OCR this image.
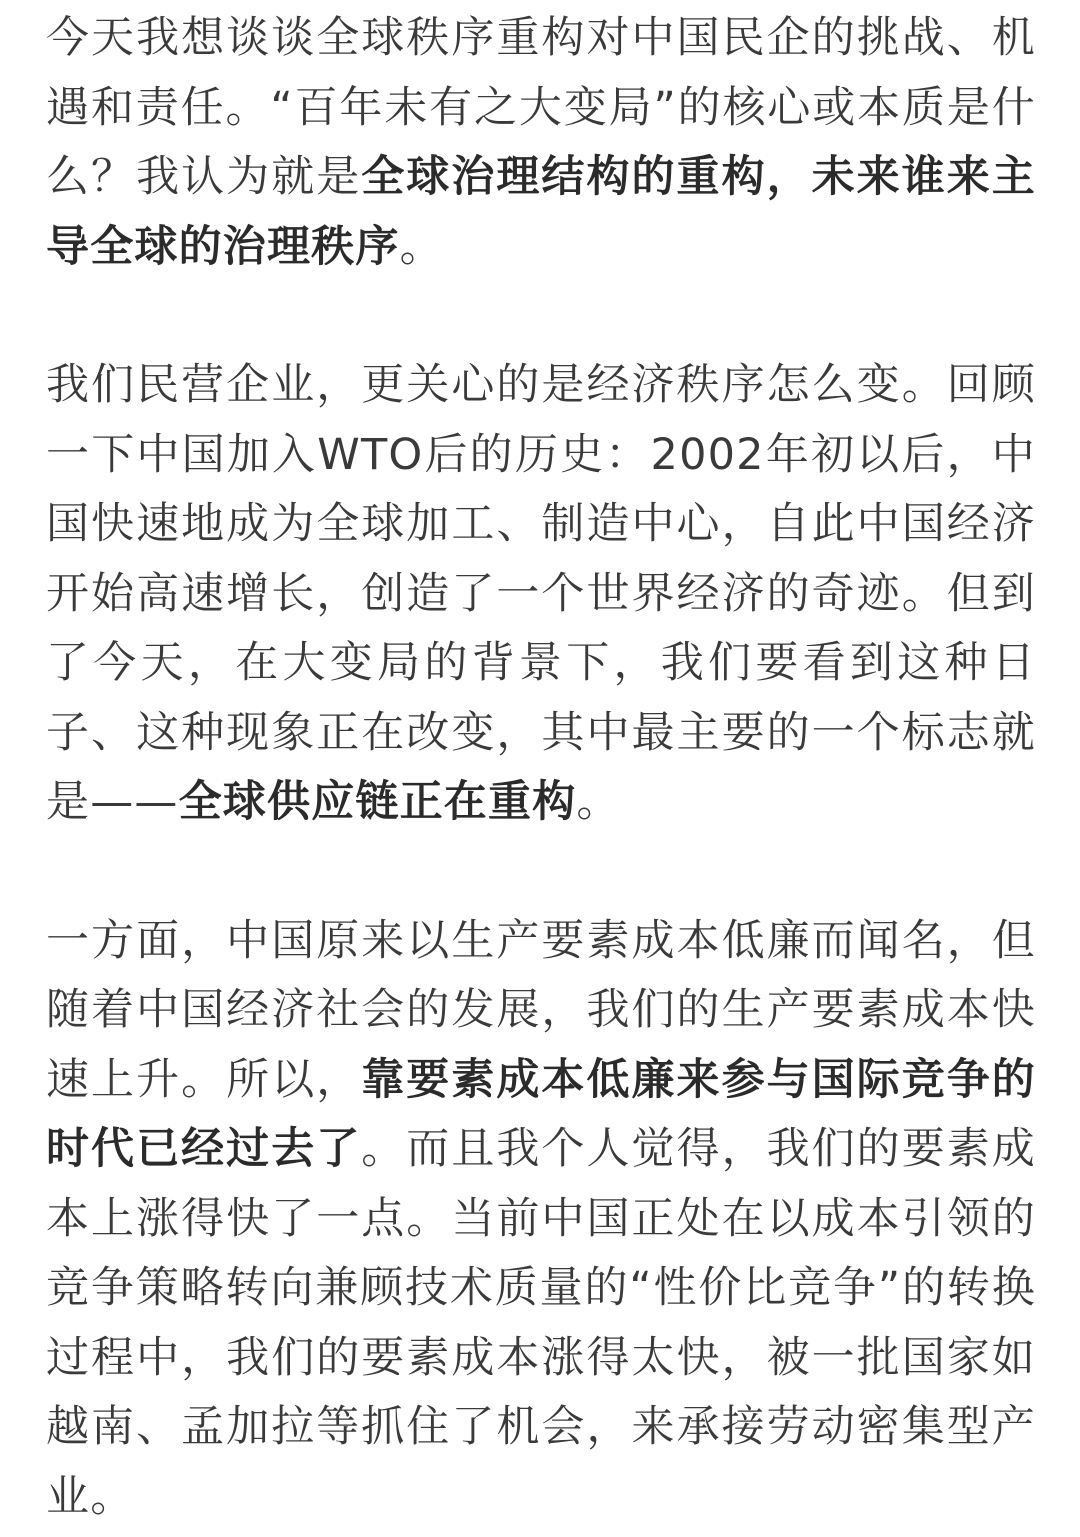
今天我想谈谈全球秩序重构对中国民企的挑战、机遇和责任。“百年未有之大变局”的核心或本质是什么？我认为就是全球治理结构的重构，未来谁来主导全球的治理秩序。

我们民营企业，更关心的是经济秩序怎么变。回顾一下中国加入WTO后的历史：2002年初以后，中国快速地成为全球加工、制造中心，自此中国经济开始高速增长，创造了一个世界经济的奇迹。但到了今天，在大变局的背景下，我们要看到这种日子、这种现象正在改变，其中最主要的一个标志就是——全球供应链正在重构。

一方面，中国原来以生产要素成本低廉而闻名，但随着中国经济社会的发展，我们的生产要素成本快速上升。所以，靠要素成本低廉来参与国际竞争的时代已经过去了。而且我个人觉得，我们的要素成本上涨得快了一点。当前中国正处在以成本引领的竞争策略转向兼顾技术质量的“性价比竞争”的转换过程中，我们的要素成本涨得太快，被一批国家如越南、孟加拉等抓住了机会，来承接劳动密集型产业。
